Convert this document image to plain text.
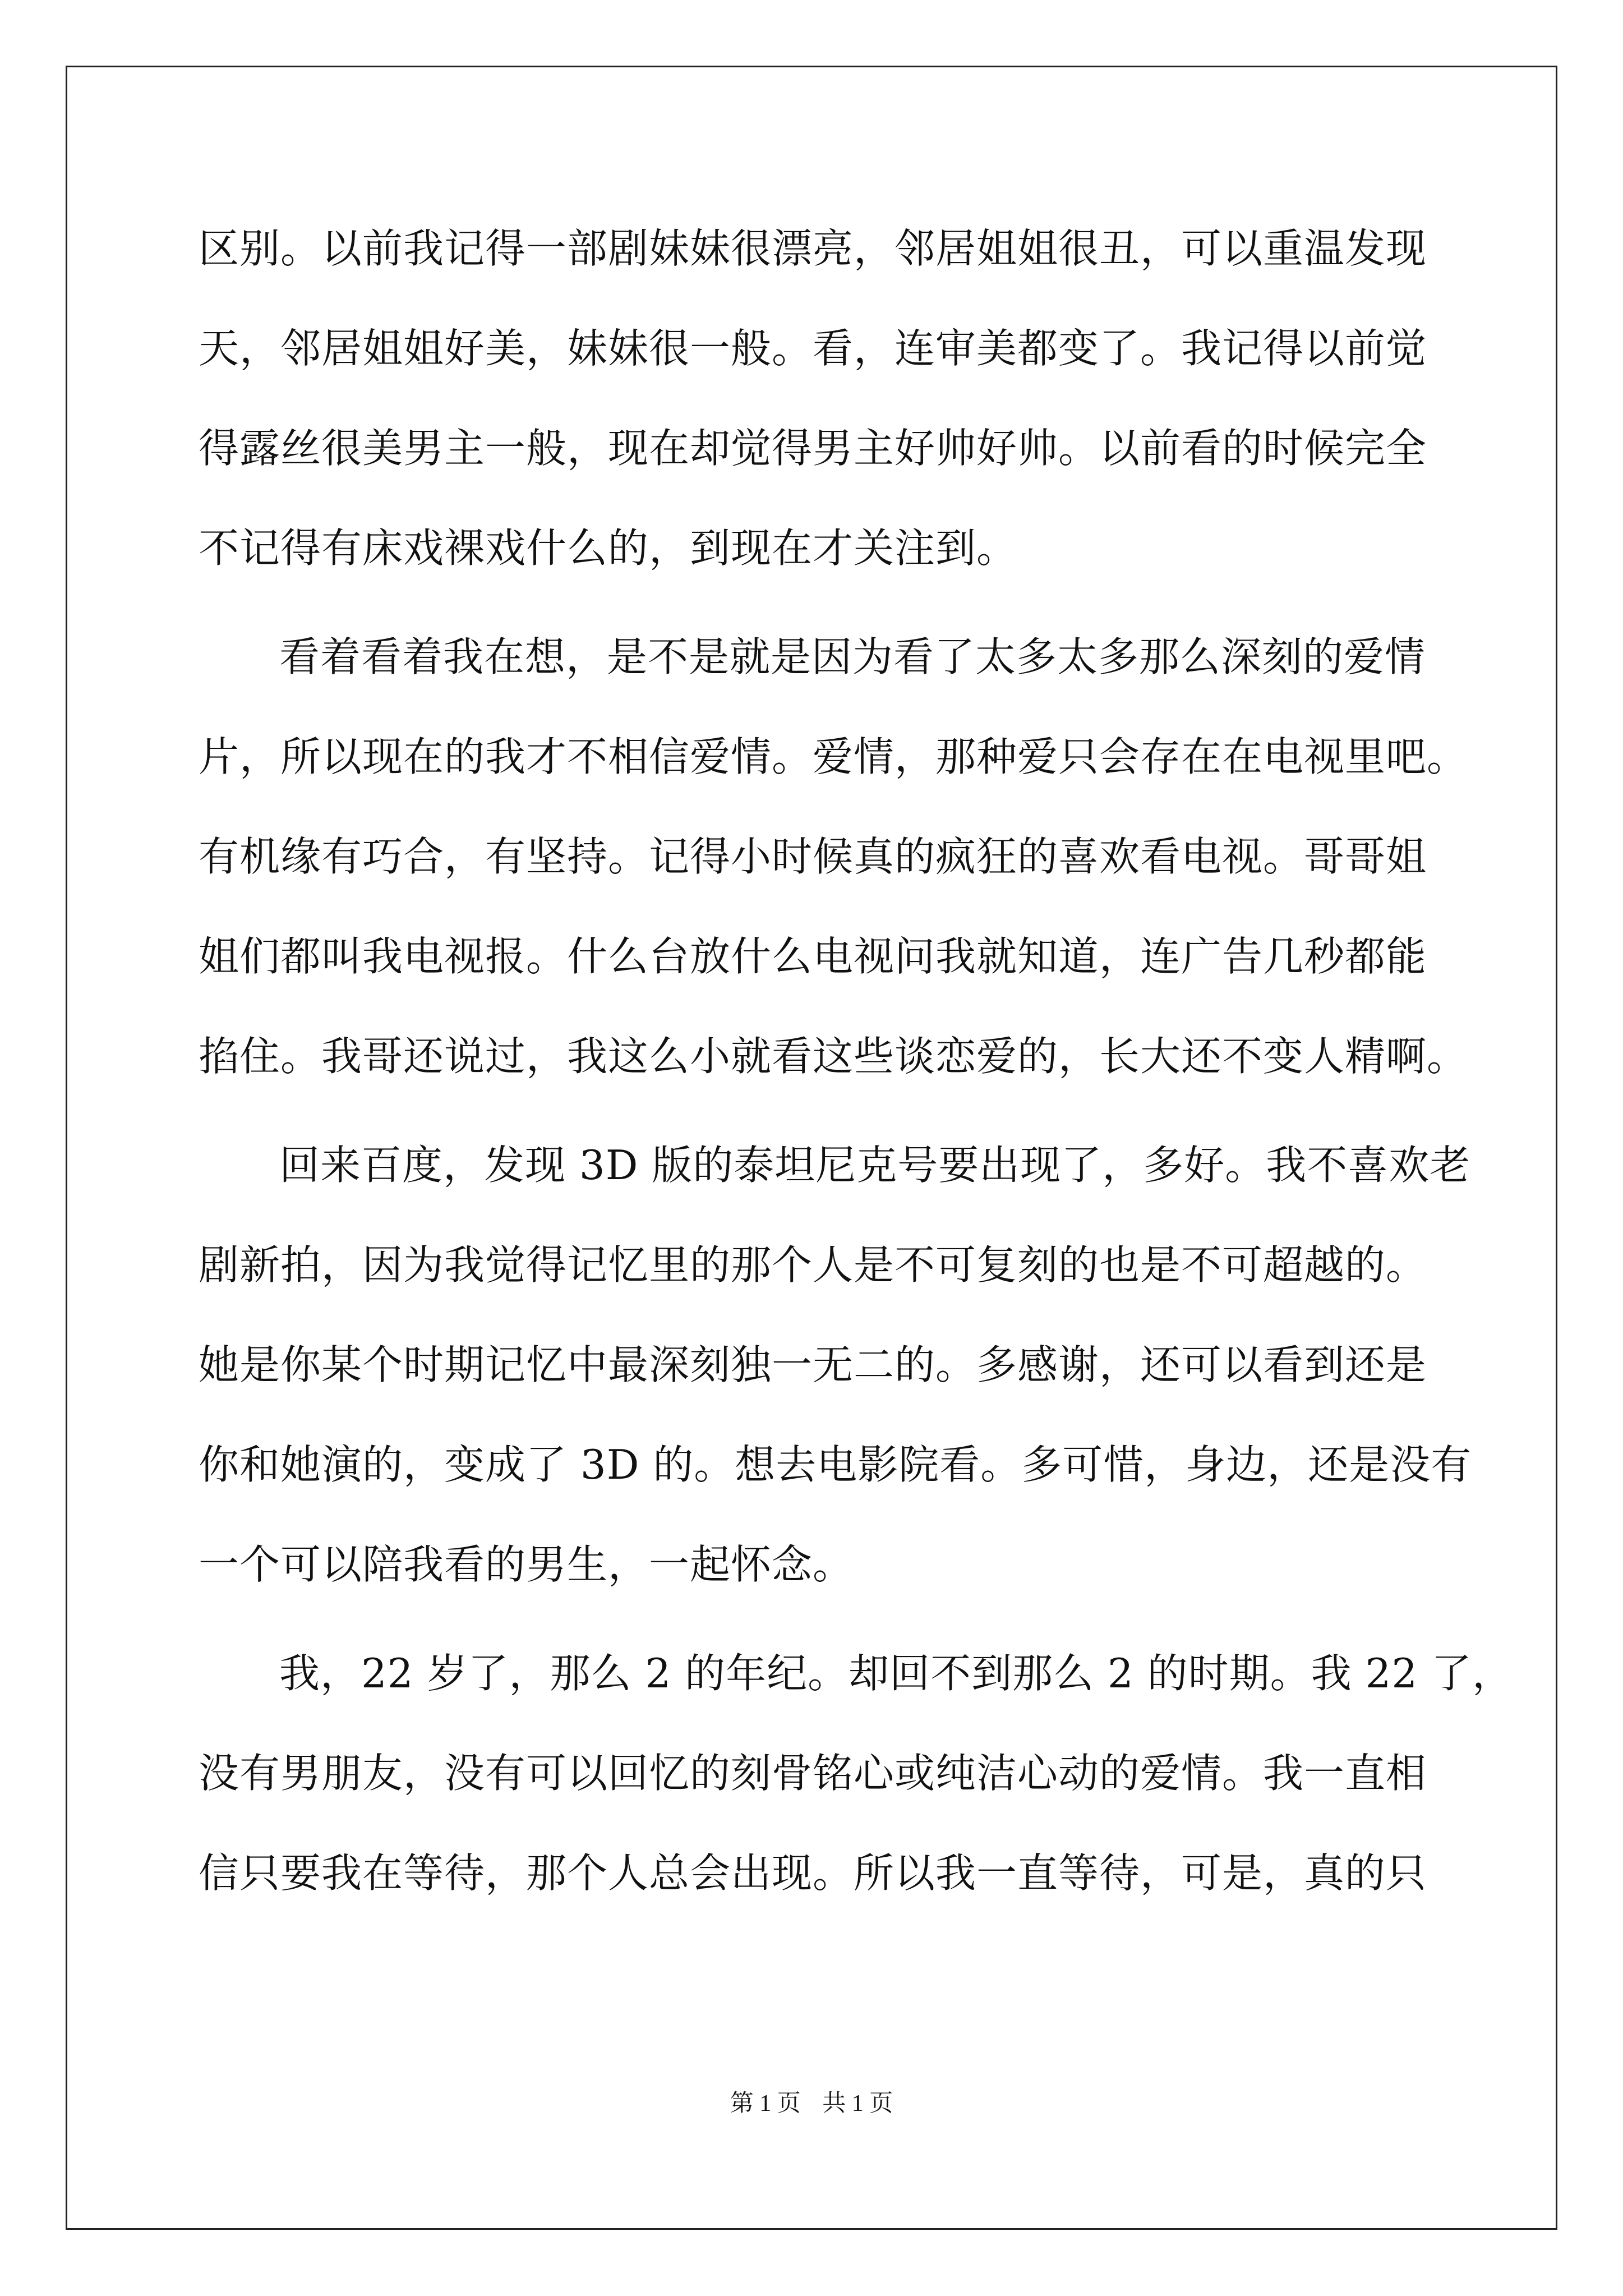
区别。以前我记得一部剧妹妹很漂亮，邻居姐姐很丑，可以重温发现
天，邻居姐姐好美，妹妹很一般。看，连审美都变了。我记得以前觉
得露丝很美男主一般，现在却觉得男主好帅好帅。以前看的时候完全
不记得有床戏裸戏什么的，到现在才关注到。
看着看着我在想，是不是就是因为看了太多太多那么深刻的爱情
片，所以现在的我才不相信爱情。爱情，那种爱只会存在在电视里吧。
有机缘有巧合，有坚持。记得小时候真的疯狂的喜欢看电视。哥哥姐
姐们都叫我电视报。什么台放什么电视问我就知道，连广告几秒都能
掐住。我哥还说过，我这么小就看这些谈恋爱的，长大还不变人精啊。
回来百度，发现 3D 版的泰坦尼克号要出现了，多好。我不喜欢老
剧新拍，因为我觉得记忆里的那个人是不可复刻的也是不可超越的。
她是你某个时期记忆中最深刻独一无二的。多感谢，还可以看到还是
你和她演的，变成了 3D 的。想去电影院看。多可惜，身边，还是没有
一个可以陪我看的男生，一起怀念。
我，22 岁了，那么 2 的年纪。却回不到那么 2 的时期。我 22 了，
没有男朋友，没有可以回忆的刻骨铭心或纯洁心动的爱情。我一直相
信只要我在等待，那个人总会出现。所以我一直等待，可是，真的只
第 1 页 共 1 页
